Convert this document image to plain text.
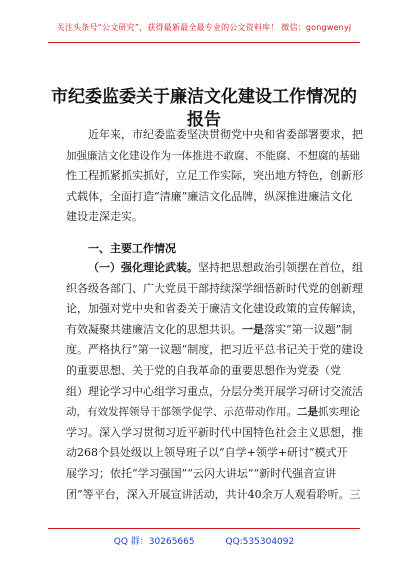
关注头条号“公文研究”，获得最新最全最专业的公文资料库！ 微信：gongwenyj
市纪委监委关于廉洁文化建设工作情况的
报告
近年来，市纪委监委坚决贯彻党中央和省委部署要求，把
加强廉洁文化建设作为一体推进不敢腐、不能腐、不想腐的基础
性工程抓紧抓实抓好，立足工作实际，突出地方特色，创新形
式载体，全面打造“清廉”廉洁文化品牌，纵深推进廉洁文化
建设走深走实。
一、主要工作情况
（一）强化理论武装。坚持把思想政治引领摆在首位，组
织各级各部门、广大党员干部持续深学细悟新时代党的创新理
论，加强对党中央和省委关于廉洁文化建设政策的宣传解读，
有效凝聚共建廉洁文化的思想共识。一是落实“第一议题”制
度。严格执行“第一议题”制度，把习近平总书记关于党的建设
的重要思想、关于党的自我革命的重要思想作为党委（党
组）理论学习中心组学习重点，分层分类开展学习研讨交流活
动，有效发挥领导干部领学促学、示范带动作用。二是抓实理论
学习。深入学习贯彻习近平新时代中国特色社会主义思想，推
动268个县处级以上领导班子以“自学+领学+研讨”模式开
展学习；依托“学习强国”“云闪大讲坛”“新时代强音宣讲
团”等平台，深入开展宣讲活动，共计40余万人观看聆听。三
QQ 群：30265665	QQ:535304092
